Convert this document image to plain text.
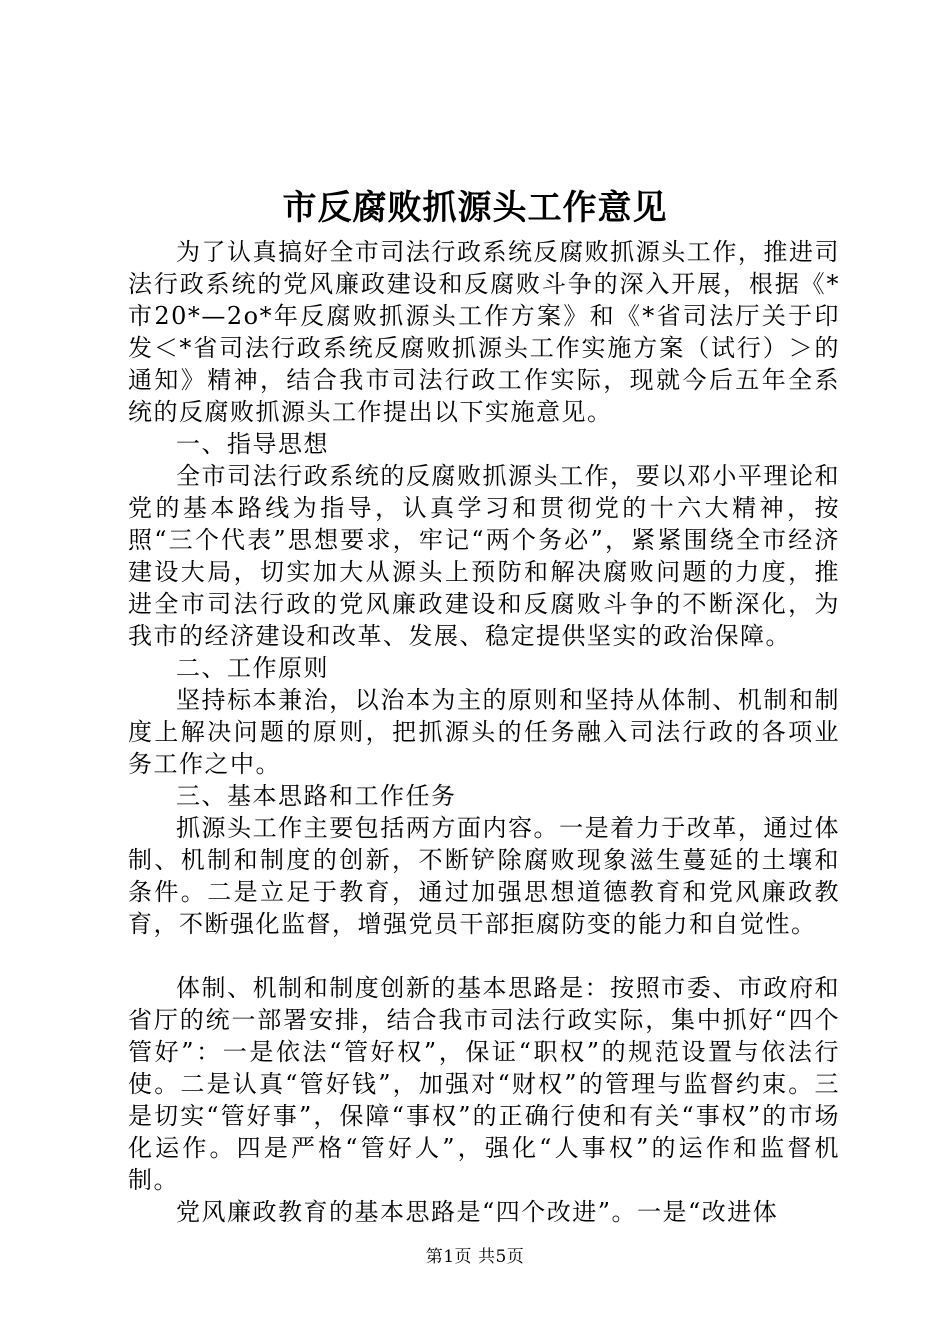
市反腐败抓源头工作意见

为了认真搞好全市司法行政系统反腐败抓源头工作，推进司法行政系统的党风廉政建设和反腐败斗争的深入开展，根据《*市20*—2o*年反腐败抓源头工作方案》和《*省司法厅关于印发＜*省司法行政系统反腐败抓源头工作实施方案（试行）＞的通知》精神，结合我市司法行政工作实际，现就今后五年全系统的反腐败抓源头工作提出以下实施意见。

一、指导思想

全市司法行政系统的反腐败抓源头工作，要以邓小平理论和党的基本路线为指导，认真学习和贯彻党的十六大精神，按照“三个代表”思想要求，牢记“两个务必”，紧紧围绕全市经济建设大局，切实加大从源头上预防和解决腐败问题的力度，推进全市司法行政的党风廉政建设和反腐败斗争的不断深化，为我市的经济建设和改革、发展、稳定提供坚实的政治保障。

二、工作原则

坚持标本兼治，以治本为主的原则和坚持从体制、机制和制度上解决问题的原则，把抓源头的任务融入司法行政的各项业务工作之中。

三、基本思路和工作任务

抓源头工作主要包括两方面内容。一是着力于改革，通过体制、机制和制度的创新，不断铲除腐败现象滋生蔓延的土壤和条件。二是立足于教育，通过加强思想道德教育和党风廉政教育，不断强化监督，增强党员干部拒腐防变的能力和自觉性。

体制、机制和制度创新的基本思路是：按照市委、市政府和省厅的统一部署安排，结合我市司法行政实际，集中抓好“四个管好”：一是依法“管好权”，保证“职权”的规范设置与依法行使。二是认真“管好钱”，加强对“财权”的管理与监督约束。三是切实“管好事”，保障“事权”的正确行使和有关“事权”的市场化运作。四是严格“管好人”，强化“人事权”的运作和监督机制。

党风廉政教育的基本思路是“四个改进”。一是“改进体

第1页 共5页
